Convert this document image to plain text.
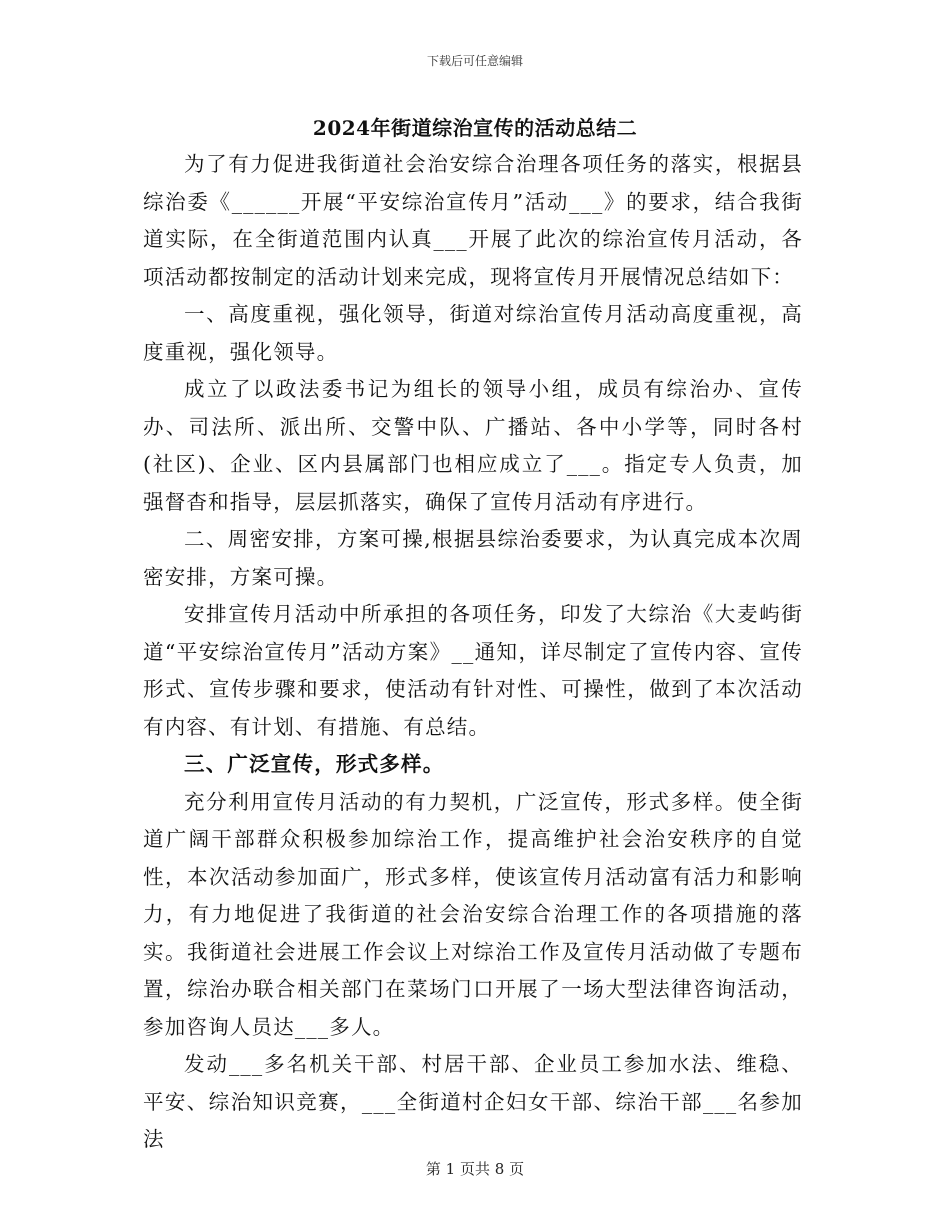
下载后可任意编辑
2024年街道综治宣传的活动总结二

为了有力促进我街道社会治安综合治理各项任务的落实，根据县综治委《______开展“平安综治宣传月”活动___》的要求，结合我街道实际，在全街道范围内认真___开展了此次的综治宣传月活动，各项活动都按制定的活动计划来完成，现将宣传月开展情况总结如下：

一、高度重视，强化领导，街道对综治宣传月活动高度重视，高度重视，强化领导。

成立了以政法委书记为组长的领导小组，成员有综治办、宣传办、司法所、派出所、交警中队、广播站、各中小学等，同时各村(社区)、企业、区内县属部门也相应成立了___。指定专人负责，加强督杳和指导，层层抓落实，确保了宣传月活动有序进行。

二、周密安排，方案可操,根据县综治委要求，为认真完成本次周密安排，方案可操。

安排宣传月活动中所承担的各项任务，印发了大综治《大麦屿街道“平安综治宣传月”活动方案》__通知，详尽制定了宣传内容、宣传形式、宣传步骤和要求，使活动有针对性、可操性，做到了本次活动有内容、有计划、有措施、有总结。

三、广泛宣传，形式多样。

充分利用宣传月活动的有力契机，广泛宣传，形式多样。使全街道广阔干部群众积极参加综治工作，提高维护社会治安秩序的自觉性，本次活动参加面广，形式多样，使该宣传月活动富有活力和影响力，有力地促进了我街道的社会治安综合治理工作的各项措施的落实。我街道社会进展工作会议上对综治工作及宣传月活动做了专题布置，综治办联合相关部门在菜场门口开展了一场大型法律咨询活动，参加咨询人员达___多人。

发动___多名机关干部、村居干部、企业员工参加水法、维稳、平安、综治知识竞赛，___全街道村企妇女干部、综治干部___名参加法

第 1 页共 8 页
